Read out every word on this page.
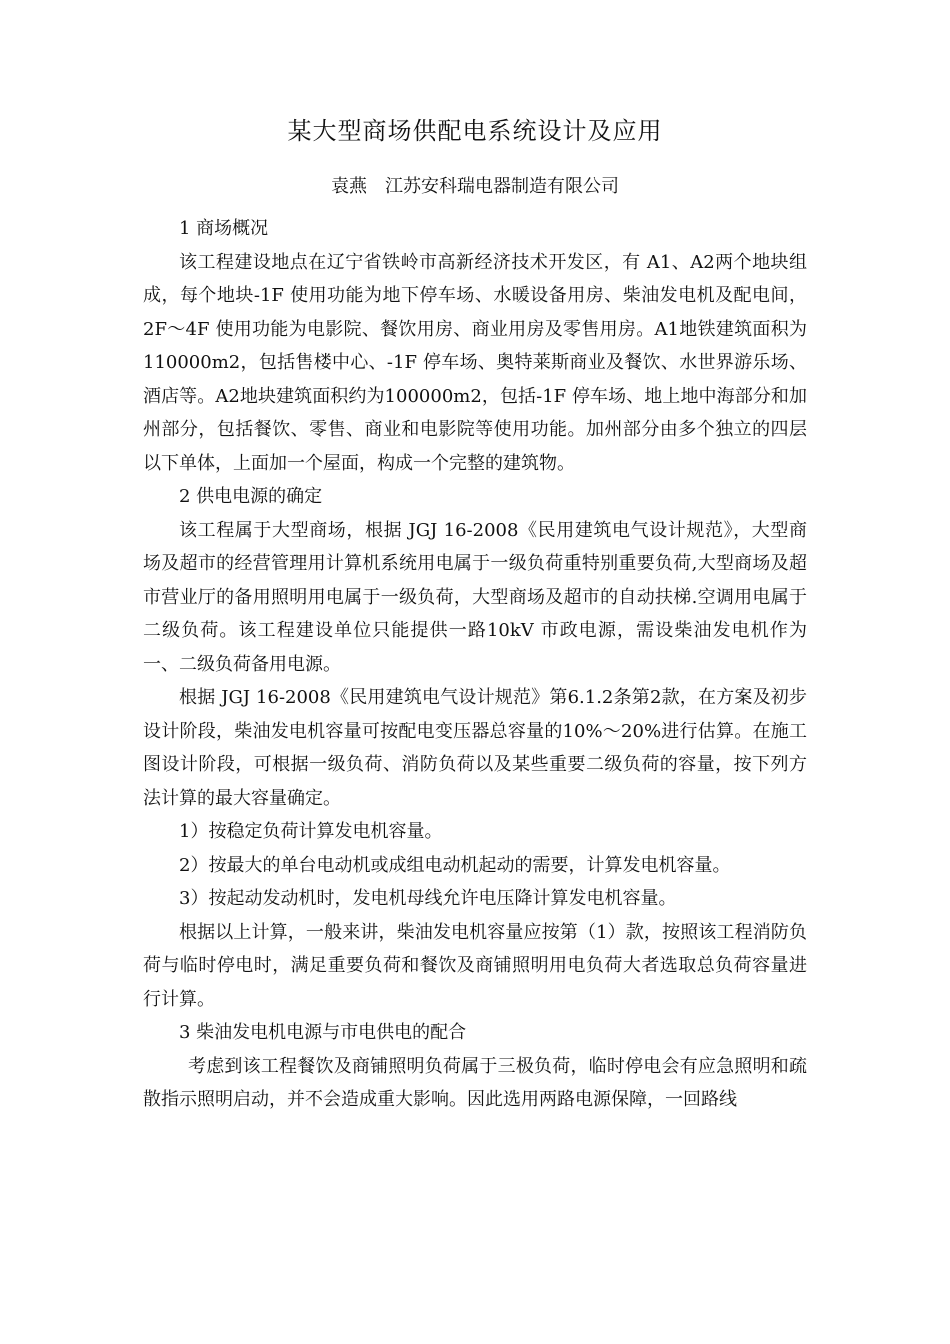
某大型商场供配电系统设计及应用
袁燕 江苏安科瑞电器制造有限公司

1 商场概况

该工程建设地点在辽宁省铁岭市高新经济技术开发区，有 A1、A2两个地块组成，每个地块-1F 使用功能为地下停车场、水暖设备用房、柴油发电机及配电间，2F～4F 使用功能为电影院、餐饮用房、商业用房及零售用房。A1地铁建筑面积为110000m2，包括售楼中心、-1F 停车场、奥特莱斯商业及餐饮、水世界游乐场、酒店等。A2地块建筑面积约为100000m2，包括-1F 停车场、地上地中海部分和加州部分，包括餐饮、零售、商业和电影院等使用功能。加州部分由多个独立的四层以下单体，上面加一个屋面，构成一个完整的建筑物。

2 供电电源的确定

该工程属于大型商场，根据 JGJ 16-2008《民用建筑电气设计规范》，大型商场及超市的经营管理用计算机系统用电属于一级负荷重特别重要负荷,大型商场及超市营业厅的备用照明用电属于一级负荷，大型商场及超市的自动扶梯.空调用电属于二级负荷。该工程建设单位只能提供一路10kV 市政电源，需设柴油发电机作为一、二级负荷备用电源。

根据 JGJ 16-2008《民用建筑电气设计规范》第6.1.2条第2款，在方案及初步设计阶段，柴油发电机容量可按配电变压器总容量的10%～20%进行估算。在施工图设计阶段，可根据一级负荷、消防负荷以及某些重要二级负荷的容量，按下列方法计算的最大容量确定。

1）按稳定负荷计算发电机容量。

2）按最大的单台电动机或成组电动机起动的需要，计算发电机容量。

3）按起动发动机时，发电机母线允许电压降计算发电机容量。

根据以上计算，一般来讲，柴油发电机容量应按第（1）款，按照该工程消防负荷与临时停电时，满足重要负荷和餐饮及商铺照明用电负荷大者选取总负荷容量进行计算。

3 柴油发电机电源与市电供电的配合

考虑到该工程餐饮及商铺照明负荷属于三极负荷，临时停电会有应急照明和疏散指示照明启动，并不会造成重大影响。因此选用两路电源保障，一回路线
